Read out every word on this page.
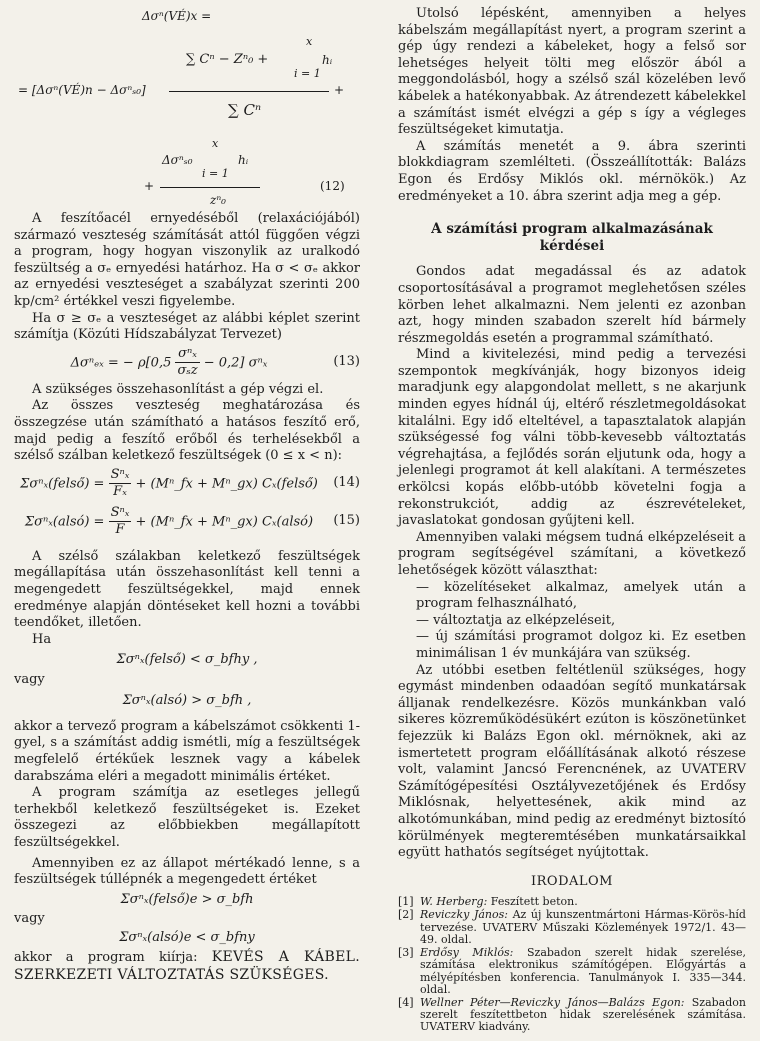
Δσⁿ(VÉ)x =
∑ Cⁿ − Zⁿ₀ +
x
i = 1
hᵢ
= [Δσⁿ(VÉ)n − Δσⁿₛ₀]	+
∑ Cⁿ
Δσⁿₛ₀
x
i = 1
hᵢ
+
zⁿ₀
(12)

A feszítőacél ernyedéséből (relaxációjából) származó veszteség számítását attól függően végzi a program, hogy hogyan viszonylik az uralkodó feszültség a σₑ ernyedési határhoz. Ha σ < σₑ akkor az ernyedési veszteséget a szabályzat szerinti 200 kp/cm² értékkel veszi figyelembe.

Ha σ ≥ σₑ a veszteséget az alábbi képlet szerint számítja (Közúti Hídszabályzat Tervezet)

Δσⁿₑₓ = − $\rho[0,5 \frac{\text{σⁿₓ}}{\text{σₛz}} - 0,2]$ σⁿₓ	(13)

A szükséges összehasonlítást a gép végzi el.

Az összes veszteség meghatározása és összegzése után számítható a hatásos feszítő erő, majd pedig a feszítő erőből és terhelésekből a szélső szálban keletkező feszültségek (0 ≤ x < n):

Σσⁿₓ(felső) = $\frac{\text{Sⁿₓ}}{\text{Fₓ}}$ + (Mⁿ_fx + Mⁿ_gx) Cₓ(felső)	(14)
Σσⁿₓ(alsó) = $\frac{\text{Sⁿₓ}}{F}$ + (Mⁿ_fx + Mⁿ_gx) Cₓ(alsó)	(15)

A szélső szálakban keletkező feszültségek megállapítása után összehasonlítást kell tenni a megengedett feszültségekkel, majd ennek eredménye alapján döntéseket kell hozni a további teendőket, illetően.

Ha

Σσⁿₓ(felső) < σ_bfhy ,

vagy

Σσⁿₓ(alsó) > σ_bfh ,

akkor a tervező program a kábelszámot csökkenti 1-gyel, s a számítást addig ismétli, míg a feszültségek megfelelő értékűek lesznek vagy a kábelek darabszáma eléri a megadott minimális értéket.

A program számítja az esetleges jellegű terhekből keletkező feszültségeket is. Ezeket összegezi az előbbiekben megállapított feszültségekkel.

Amennyiben ez az állapot mértékadó lenne, s a feszültségek túllépnék a megengedett értéket

Σσⁿₓ(felső)e > σ_bfh

vagy

Σσⁿₓ(alsó)e < σ_bfny

akkor a program kiírja: KEVÉS A KÁBEL. SZERKEZETI VÁLTOZTATÁS SZÜKSÉGES.

Utolsó lépésként, amennyiben a helyes kábelszám megállapítást nyert, a program szerint a gép úgy rendezi a kábeleket, hogy a felső sor lehetséges helyeit tölti meg először ából a meggondolásból, hogy a szélső szál közelében levő kábelek a hatékonyabbak. Az átrendezett kábelekkel a számítást ismét elvégzi a gép s így a végleges feszültségeket kimutatja.

A számítás menetét a 9. ábra szerinti blokkdiagram szemlélteti. (Összeállították: Balázs Egon és Erdősy Miklós okl. mérnökök.) Az eredményeket a 10. ábra szerint adja meg a gép.

A számítási program alkalmazásának kérdései

Gondos adat megadással és az adatok csoportosításával a programot meglehetősen széles körben lehet alkalmazni. Nem jelenti ez azonban azt, hogy minden szabadon szerelt híd bármely részmegoldás esetén a programmal számítható.

Mind a kivitelezési, mind pedig a tervezési szempontok megkívánják, hogy bizonyos ideig maradjunk egy alapgondolat mellett, s ne akarjunk minden egyes hídnál új, eltérő részletmegoldásokat kitalálni. Egy idő elteltével, a tapasztalatok alapján szükségessé fog válni több-kevesebb változtatás végrehajtása, a fejlődés során eljutunk oda, hogy a jelenlegi programot át kell alakítani. A természetes erkölcsi kopás előbb-utóbb követelni fogja a rekonstrukciót, addig az észrevételeket, javaslatokat gondosan gyűjteni kell.

Amennyiben valaki mégsem tudná elképzeléseit a program segítségével számítani, a következő lehetőségek között választhat:

— közelítéseket alkalmaz, amelyek után a program felhasználható,

— változtatja az elképzeléseit,

— új számítási programot dolgoz ki. Ez esetben minimálisan 1 év munkájára van szükség.

Az utóbbi esetben feltétlenül szükséges, hogy egymást mindenben odaadóan segítő munkatársak álljanak rendelkezésre. Közös munkánkban való sikeres közreműködésükért ezúton is köszönetünket fejezzük ki Balázs Egon okl. mérnöknek, aki az ismertetett program előállításának alkotó részese volt, valamint Jancsó Ferencnének, az UVATERV Számítógépesítési Osztályvezetőjének és Erdősy Miklósnak, helyettesének, akik mind az alkotómunkában, mind pedig az eredményt biztosító körülmények megteremtésében munkatársaikkal együtt hathatós segítséget nyújtottak.

IRODALOM
[1] W. Herberg: Feszített beton.
[2] Reviczky János: Az új kunszentmártoni Hármas-Körös-híd tervezése. UVATERV Műszaki Közlemények 1972/1. 43—49. oldal.
[3] Erdősy Miklós: Szabadon szerelt hidak szerelése, számítása elektronikus számítógépen. Előgyártás a mélyépítésben konferencia. Tanulmányok I. 335—344. oldal.
[4] Wellner Péter—Reviczky János—Balázs Egon: Szabadon szerelt feszítettbeton hidak szerelésének számítása. UVATERV kiadvány.
